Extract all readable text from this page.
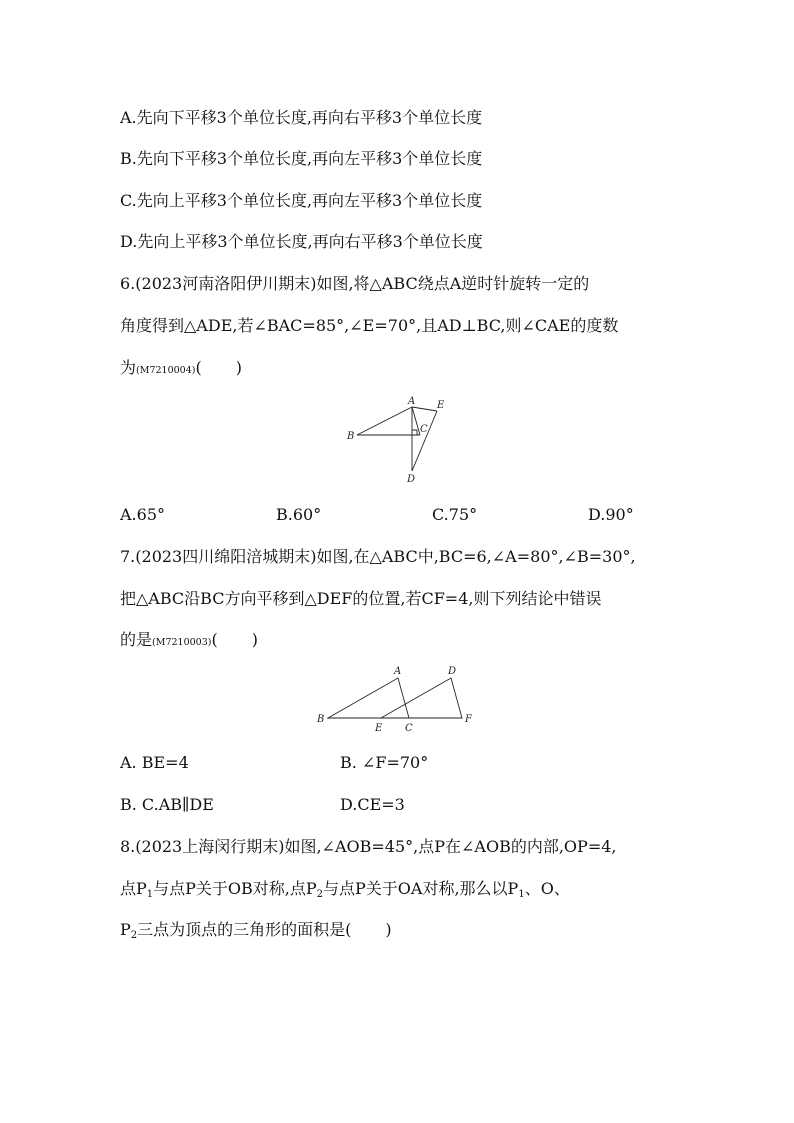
A.先向下平移3个单位长度,再向右平移3个单位长度
B.先向下平移3个单位长度,再向左平移3个单位长度
C.先向上平移3个单位长度,再向左平移3个单位长度
D.先向上平移3个单位长度,再向右平移3个单位长度
6.(2023河南洛阳伊川期末)如图,将△ABC绕点A逆时针旋转一定的
角度得到△ADE,若∠BAC=85°,∠E=70°,且AD⊥BC,则∠CAE的度数
为(M7210004)( )
A
B
C
D
E
A.65°	B.60°	C.75°	D.90°
7.(2023四川绵阳涪城期末)如图,在△ABC中,BC=6,∠A=80°,∠B=30°,
把△ABC沿BC方向平移到△DEF的位置,若CF=4,则下列结论中错误
的是(M7210003)( )
A
B
C
D
E
F
A. BE=4	B. ∠F=70°
B. C.AB∥DE	D.CE=3
8.(2023上海闵行期末)如图,∠AOB=45°,点P在∠AOB的内部,OP=4,
点$P_1$与点P关于OB对称,点$P_2$与点P关于OA对称,那么以$P_1$、O、
$P_2$三点为顶点的三角形的面积是( )
